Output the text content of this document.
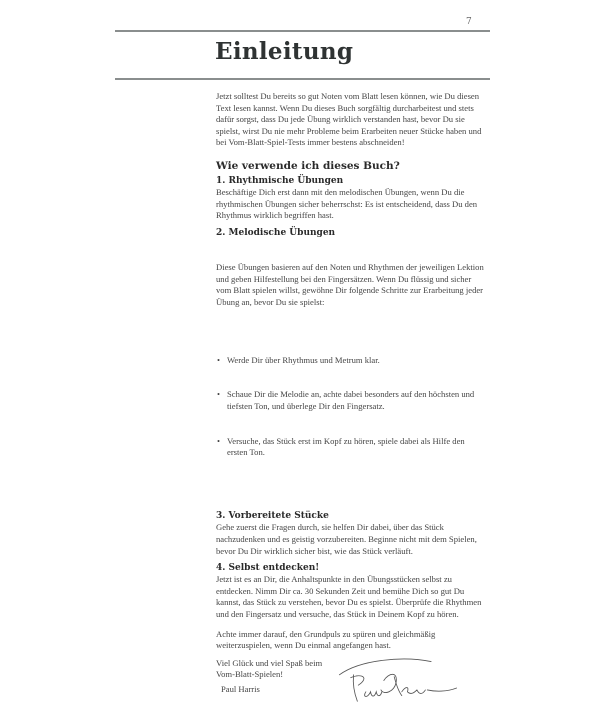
7
Einleitung
Jetzt solltest Du bereits so gut Noten vom Blatt lesen können, wie Du diesen
Text lesen kannst. Wenn Du dieses Buch sorgfältig durcharbeitest und stets
dafür sorgst, dass Du jede Übung wirklich verstanden hast, bevor Du sie
spielst, wirst Du nie mehr Probleme beim Erarbeiten neuer Stücke haben und
bei Vom-Blatt-Spiel-Tests immer bestens abschneiden!
Wie verwende ich dieses Buch?
1. Rhythmische Übungen
Beschäftige Dich erst dann mit den melodischen Übungen, wenn Du die
rhythmischen Übungen sicher beherrschst: Es ist entscheidend, dass Du den
Rhythmus wirklich begriffen hast.
2. Melodische Übungen

Diese Übungen basieren auf den Noten und Rhythmen der jeweiligen Lektion
und geben Hilfestellung bei den Fingersätzen. Wenn Du flüssig und sicher
vom Blatt spielen willst, gewöhne Dir folgende Schritte zur Erarbeitung jeder
Übung an, bevor Du sie spielst:

• Werde Dir über Rhythmus und Metrum klar.

• Schaue Dir die Melodie an, achte dabei besonders auf den höchsten und
tiefsten Ton, und überlege Dir den Fingersatz.

• Versuche, das Stück erst im Kopf zu hören, spiele dabei als Hilfe den
ersten Ton.

3. Vorbereitete Stücke
Gehe zuerst die Fragen durch, sie helfen Dir dabei, über das Stück
nachzudenken und es geistig vorzubereiten. Beginne nicht mit dem Spielen,
bevor Du Dir wirklich sicher bist, wie das Stück verläuft.
4. Selbst entdecken!
Jetzt ist es an Dir, die Anhaltspunkte in den Übungsstücken selbst zu
entdecken. Nimm Dir ca. 30 Sekunden Zeit und bemühe Dich so gut Du
kannst, das Stück zu verstehen, bevor Du es spielst. Überprüfe die Rhythmen
und den Fingersatz und versuche, das Stück in Deinem Kopf zu hören.
Achte immer darauf, den Grundpuls zu spüren und gleichmäßig
weiterzuspielen, wenn Du einmal angefangen hast.
Viel Glück und viel Spaß beim
Vom-Blatt-Spielen!
Paul Harris
